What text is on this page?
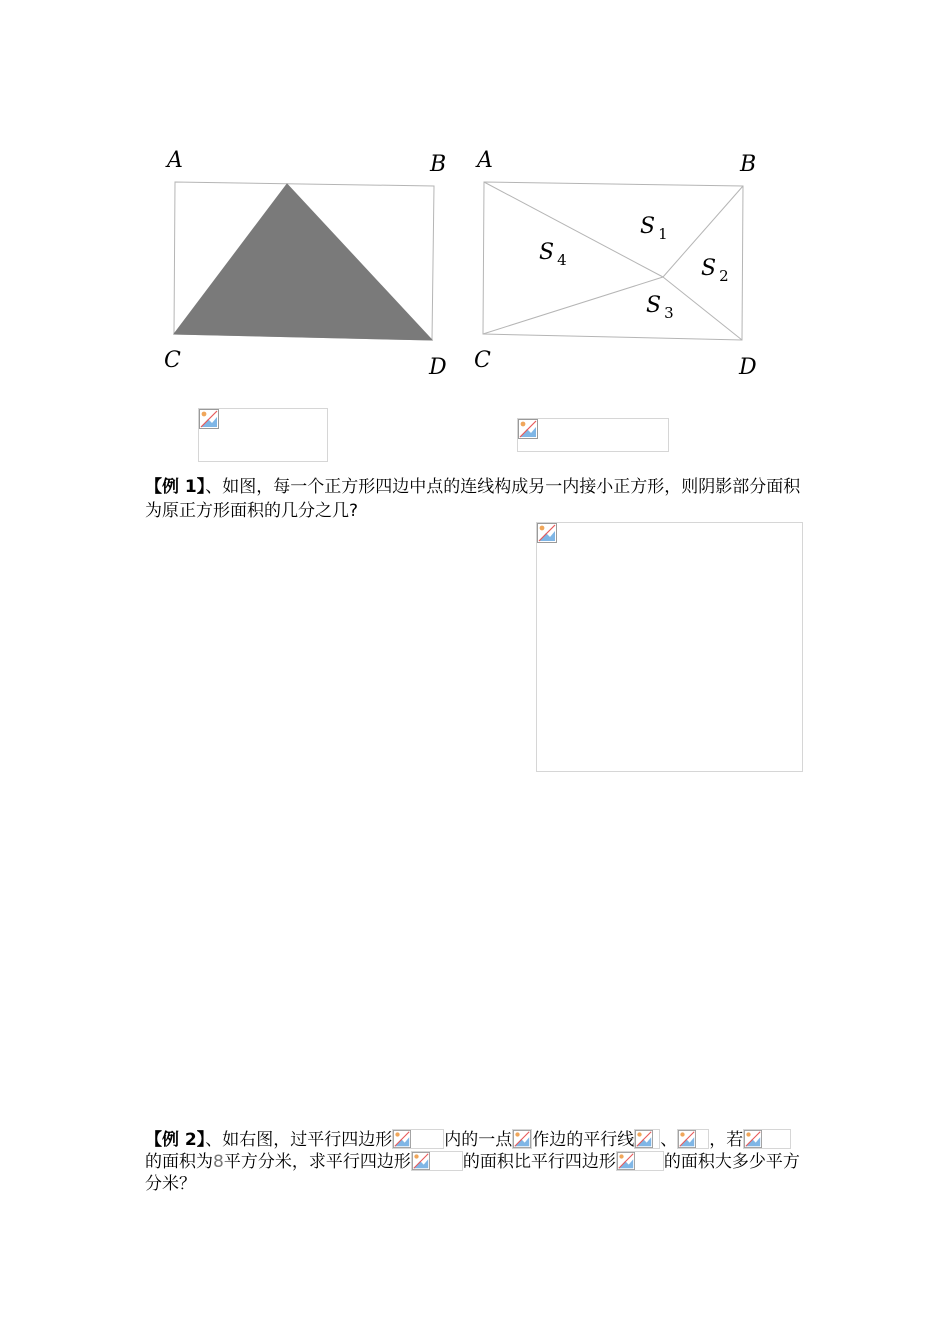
A	B
C	D
A	B
C	D
S $_1$
S $_2$
S $_3$
S $_4$
【例 1】、如图，每一个正方形四边中点的连线构成另一内接小正方形，则阴影部分面积为原正方形面积的几分之几?
【例 2】、如右图，过平行四边形	内的一点 作边的平行线 、 ，若

的面积为8平方分米，求平行四边形	的面积比平行四边形	的面积大多少平方分米？
